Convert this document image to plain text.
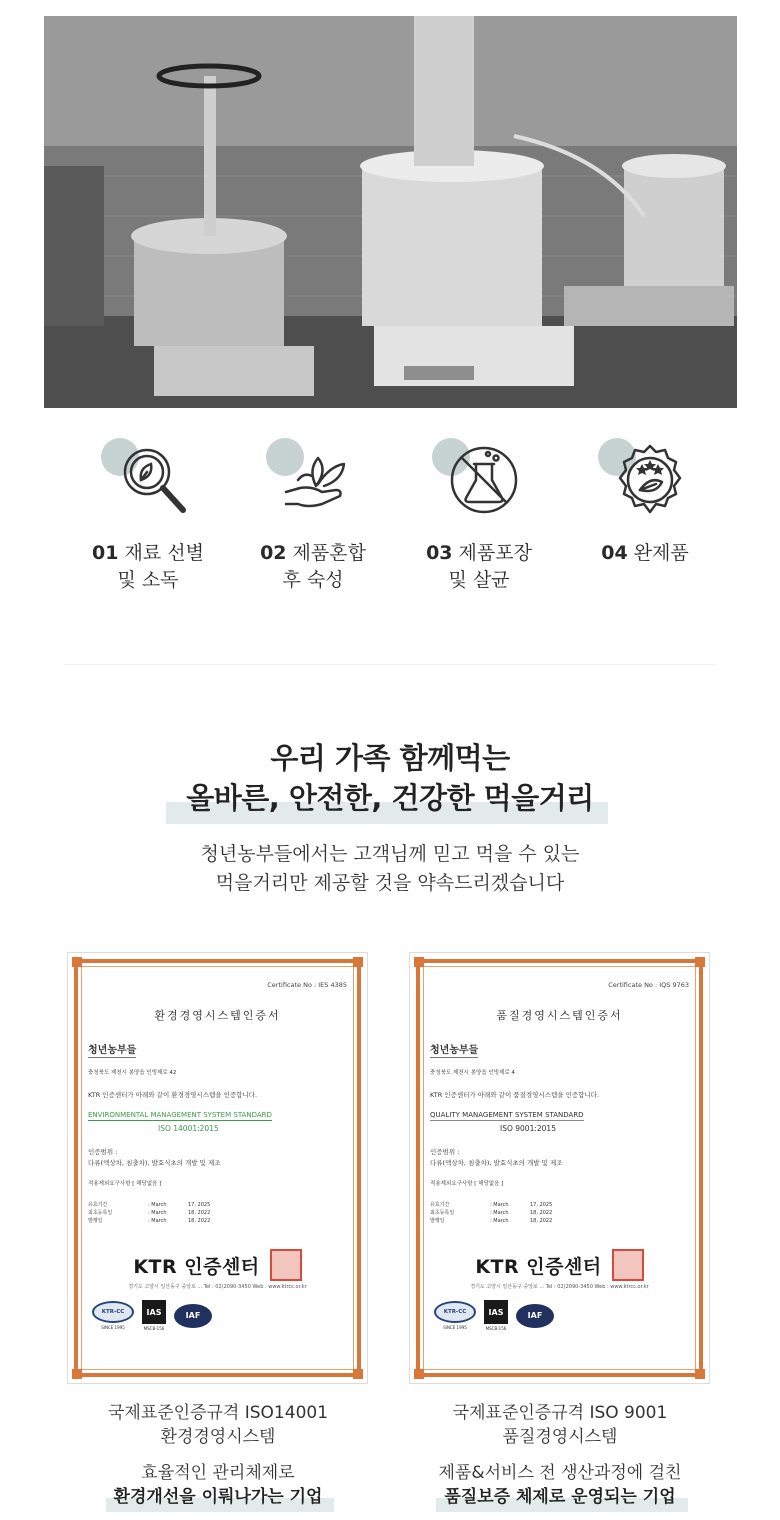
01 재료 선별
및 소독
02 제품혼합
후 숙성
03 제품포장
및 살균
04 완제품
우리 가족 함께먹는
올바른, 안전한, 건강한 먹을거리
청년농부들에서는 고객님께 믿고 먹을 수 있는
먹을거리만 제공할 것을 약속드리겠습니다
Certificate No : IES 4385
환경경영시스템인증서
청년농부들
충청북도 제천시 봉양읍 인빙제로 42
KTR 인증센터가 아래와 같이 환경경영시스템을 인증합니다.
ENVIRONMENTAL MANAGEMENT SYSTEM STANDARD
ISO 14001:2015
인증범위 :
다류(액상차, 침출차), 발효식초의 개발 및 제조
적용제외요구사항 [ 해당없음 ]
유효기간	: March	17, 2025
최초등록일	: March	18, 2022
발행일	: March	18, 2022
KTR 인증센터
경기도 고양시 일산동구 중앙로 ... Tel : 02)2090-3450 Web : www.ktrcc.or.kr
KTR-CC
SINCE 1995
IAS
MSCB-156
IAF
Certificate No : IQS 9763
품질경영시스템인증서
청년농부들
충청북도 제천시 봉양읍 인빙제로 4
KTR 인증센터가 아래와 같이 품질경영시스템을 인증합니다.
QUALITY MANAGEMENT SYSTEM STANDARD
ISO 9001:2015
인증범위 :
다류(액상차, 침출차), 발효식초의 개발 및 제조
적용제외요구사항 [ 해당없음 ]
유효기간	: March	17, 2025
최초등록일	: March	18, 2022
발행일	: March	18, 2022
KTR 인증센터
경기도 고양시 일산동구 중앙로 ... Tel : 02)2090-3450 Web : www.ktrcc.or.kr
KTR-CC
SINCE 1995
IAS
MSCB-156
IAF
국제표준인증규격 ISO14001
환경경영시스템
효율적인 관리체제로
환경개선을 이뤄나가는 기업
국제표준인증규격 ISO 9001
품질경영시스템
제품&서비스 전 생산과정에 걸친
품질보증 체제로 운영되는 기업
